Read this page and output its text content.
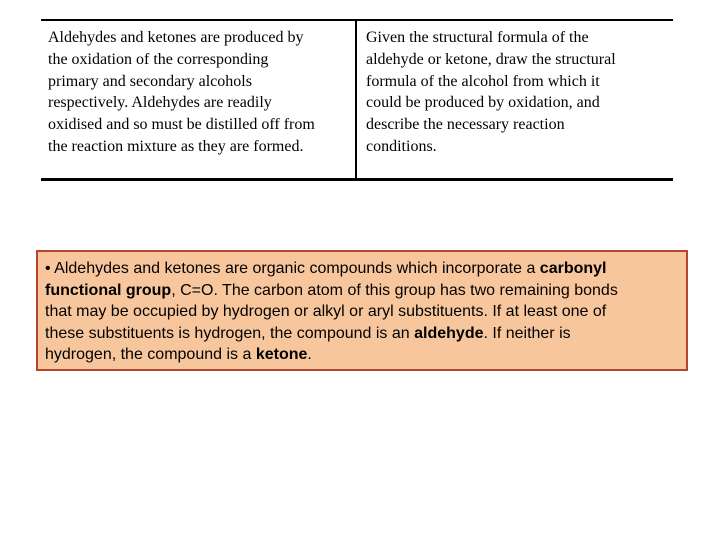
Aldehydes and ketones are produced by
the oxidation of the corresponding
primary and secondary alcohols
respectively. Aldehydes are readily
oxidised and so must be distilled off from
the reaction mixture as they are formed.
Given the structural formula of the
aldehyde or ketone, draw the structural
formula of the alcohol from which it
could be produced by oxidation, and
describe the necessary reaction
conditions.
• Aldehydes and ketones are organic compounds which incorporate a carbonyl
functional group, C=O. The carbon atom of this group has two remaining bonds
that may be occupied by hydrogen or alkyl or aryl substituents. If at least one of
these substituents is hydrogen, the compound is an aldehyde. If neither is
hydrogen, the compound is a ketone.
